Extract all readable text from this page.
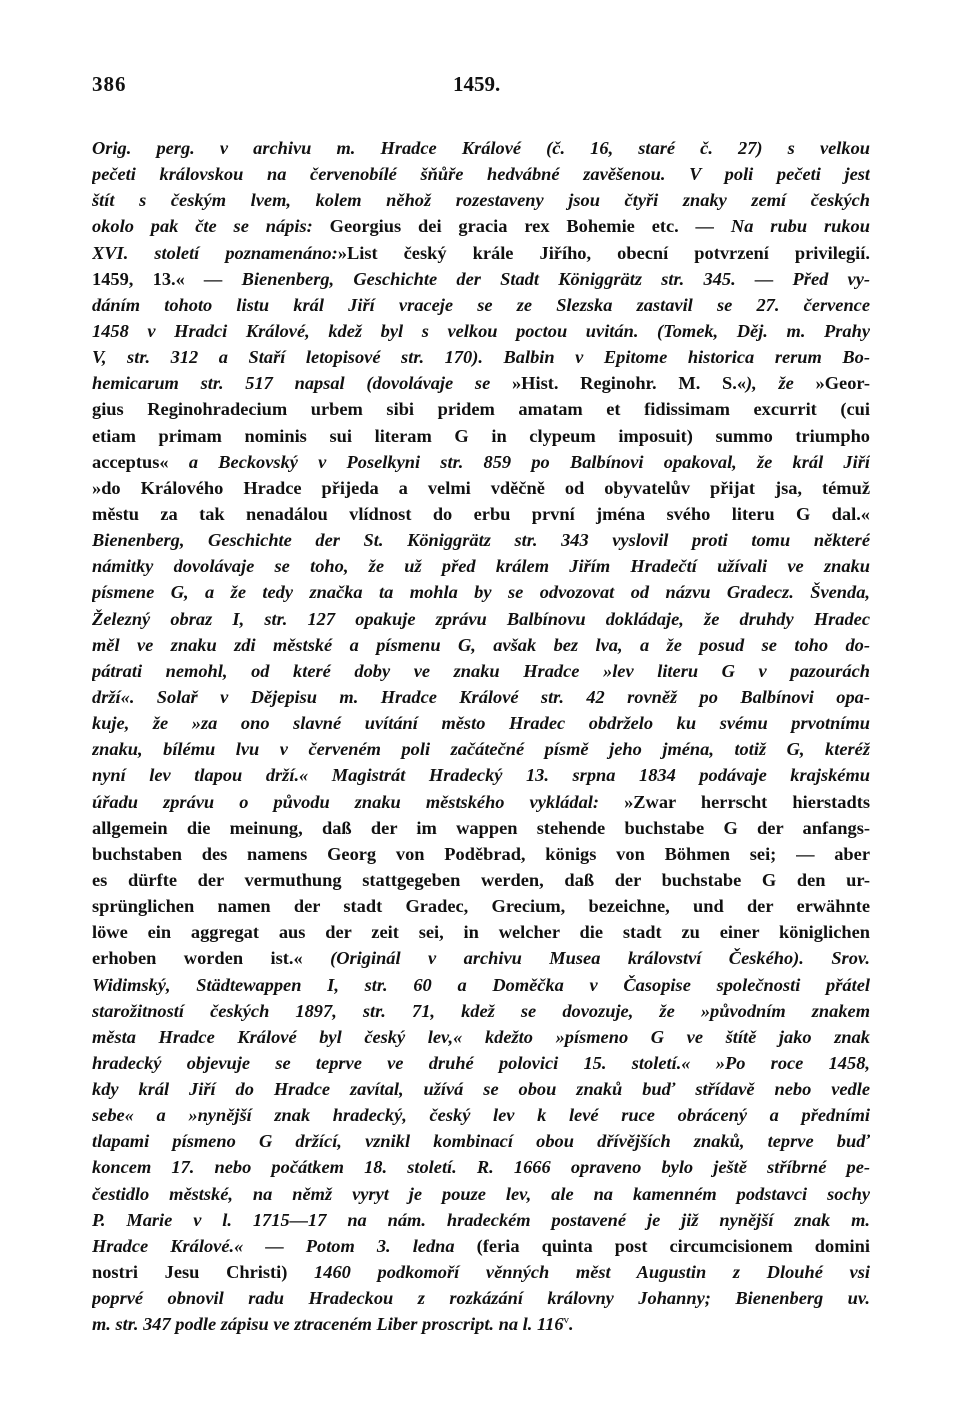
386	1459.
Orig. perg. v archivu m. Hradce Králové (č. 16, staré č. 27) s velkou
pečeti královskou na červenobílé šňůře hedvábné zavěšenou. V poli pečeti jest
štít s českým lvem, kolem něhož rozestaveny jsou čtyři znaky zemí českých
okolo pak čte se nápis: Georgius dei gracia rex Bohemie etc. — Na rubu rukou
XVI. století poznamenáno:»List český krále Jiřího, obecní potvrzení privilegií.
1459, 13.« — Bienenberg, Geschichte der Stadt Königgrätz str. 345. — Před vy-
dáním tohoto listu král Jiří vraceje se ze Slezska zastavil se 27. července
1458 v Hradci Králové, kdež byl s velkou poctou uvitán. (Tomek, Děj. m. Prahy
V, str. 312 a Staří letopisové str. 170). Balbin v Epitome historica rerum Bo-
hemicarum str. 517 napsal (dovolávaje se »Hist. Reginohr. M. S.«), že »Geor-
gius Reginohradecium urbem sibi pridem amatam et fidissimam excurrit (cui
etiam primam nominis sui literam G in clypeum imposuit) summo triumpho
acceptus« a Beckovský v Poselkyni str. 859 po Balbínovi opakoval, že král Jiří
»do Králového Hradce přijeda a velmi vděčně od obyvatelův přijat jsa, témuž
městu za tak nenadálou vlídnost do erbu první jména svého literu G dal.«
Bienenberg, Geschichte der St. Königgrätz str. 343 vyslovil proti tomu některé
námitky dovolávaje se toho, že už před králem Jiřím Hradečtí užívali ve znaku
písmene G, a že tedy značka ta mohla by se odvozovat od názvu Gradecz. Švenda,
Železný obraz I, str. 127 opakuje zprávu Balbínovu dokládaje, že druhdy Hradec
měl ve znaku zdi městské a písmenu G, avšak bez lva, a že posud se toho do-
pátrati nemohl, od které doby ve znaku Hradce »lev literu G v pazourách
drží«. Solař v Dějepisu m. Hradce Králové str. 42 rovněž po Balbínovi opa-
kuje, že »za ono slavné uvítání město Hradec obdrželo ku svému prvotnímu
znaku, bílému lvu v červeném poli začátečné písmě jeho jména, totiž G, kteréž
nyní lev tlapou drží.« Magistrát Hradecký 13. srpna 1834 podávaje krajskému
úřadu zprávu o původu znaku městského vykládal: »Zwar herrscht hierstadts
allgemein die meinung, daß der im wappen stehende buchstabe G der anfangs-
buchstaben des namens Georg von Poděbrad, königs von Böhmen sei; — aber
es dürfte der vermuthung stattgegeben werden, daß der buchstabe G den ur-
sprünglichen namen der stadt Gradec, Grecium, bezeichne, und der erwähnte
löwe ein aggregat aus der zeit sei, in welcher die stadt zu einer königlichen
erhoben worden ist.« (Originál v archivu Musea království Českého). Srov.
Widimský, Städtewappen I, str. 60 a Doměčka v Časopise společnosti přátel
starožitností českých 1897, str. 71, kdež se dovozuje, že »původním znakem
města Hradce Králové byl český lev,« kdežto »písmeno G ve štítě jako znak
hradecký objevuje se teprve ve druhé polovici 15. století.« »Po roce 1458,
kdy král Jiří do Hradce zavítal, užívá se obou znaků buď střídavě nebo vedle
sebe« a »nynější znak hradecký, český lev k levé ruce obrácený a předními
tlapami písmeno G držící, vznikl kombinací obou dřívějších znaků, teprve buď
koncem 17. nebo počátkem 18. století. R. 1666 opraveno bylo ještě stříbrné pe-
čestidlo městské, na němž vyryt je pouze lev, ale na kamenném podstavci sochy
P. Marie v l. 1715—17 na nám. hradeckém postavené je již nynější znak m.
Hradce Králové.« — Potom 3. ledna (feria quinta post circumcisionem domini
nostri Jesu Christi) 1460 podkomoří věnných měst Augustin z Dlouhé vsi
poprvé obnovil radu Hradeckou z rozkázání královny Johanny; Bienenberg uv.
m. str. 347 podle zápisu ve ztraceném Liber proscript. na l. 116$^v$.
